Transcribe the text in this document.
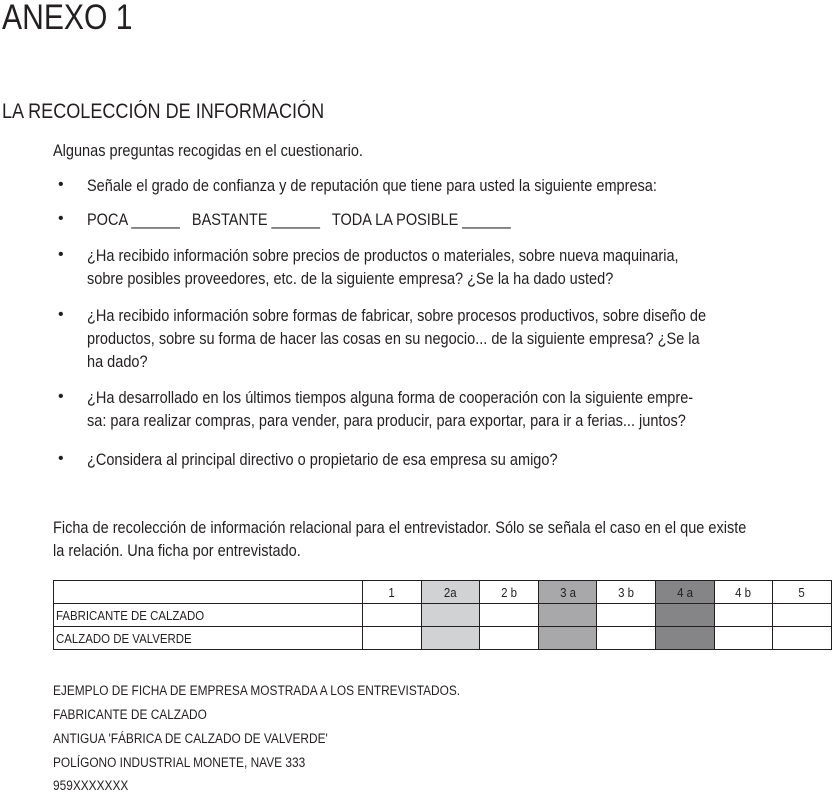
ANEXO 1
LA RECOLECCIÓN DE INFORMACIÓN
Algunas preguntas recogidas en el cuestionario.
• Señale el grado de confianza y de reputación que tiene para usted la siguiente empresa:
• POCA ______   BASTANTE ______   TODA LA POSIBLE ______
• ¿Ha recibido información sobre precios de productos o materiales, sobre nueva maquinaria,
sobre posibles proveedores, etc. de la siguiente empresa? ¿Se la ha dado usted?
• ¿Ha recibido información sobre formas de fabricar, sobre procesos productivos, sobre diseño de
productos, sobre su forma de hacer las cosas en su negocio... de la siguiente empresa? ¿Se la
ha dado?
• ¿Ha desarrollado en los últimos tiempos alguna forma de cooperación con la siguiente empre-
sa: para realizar compras, para vender, para producir, para exportar, para ir a ferias... juntos?
• ¿Considera al principal directivo o propietario de esa empresa su amigo?
Ficha de recolección de información relacional para el entrevistador. Sólo se señala el caso en el que existe
la relación. Una ficha por entrevistado.
	1	2a	2 b	3 a	3 b	4 a	4 b	5
FABRICANTE DE CALZADO								
CALZADO DE VALVERDE								
EJEMPLO DE FICHA DE EMPRESA MOSTRADA A LOS ENTREVISTADOS.
FABRICANTE DE CALZADO
ANTIGUA 'FÁBRICA DE CALZADO DE VALVERDE'
POLÍGONO INDUSTRIAL MONETE, NAVE 333
959XXXXXXX
